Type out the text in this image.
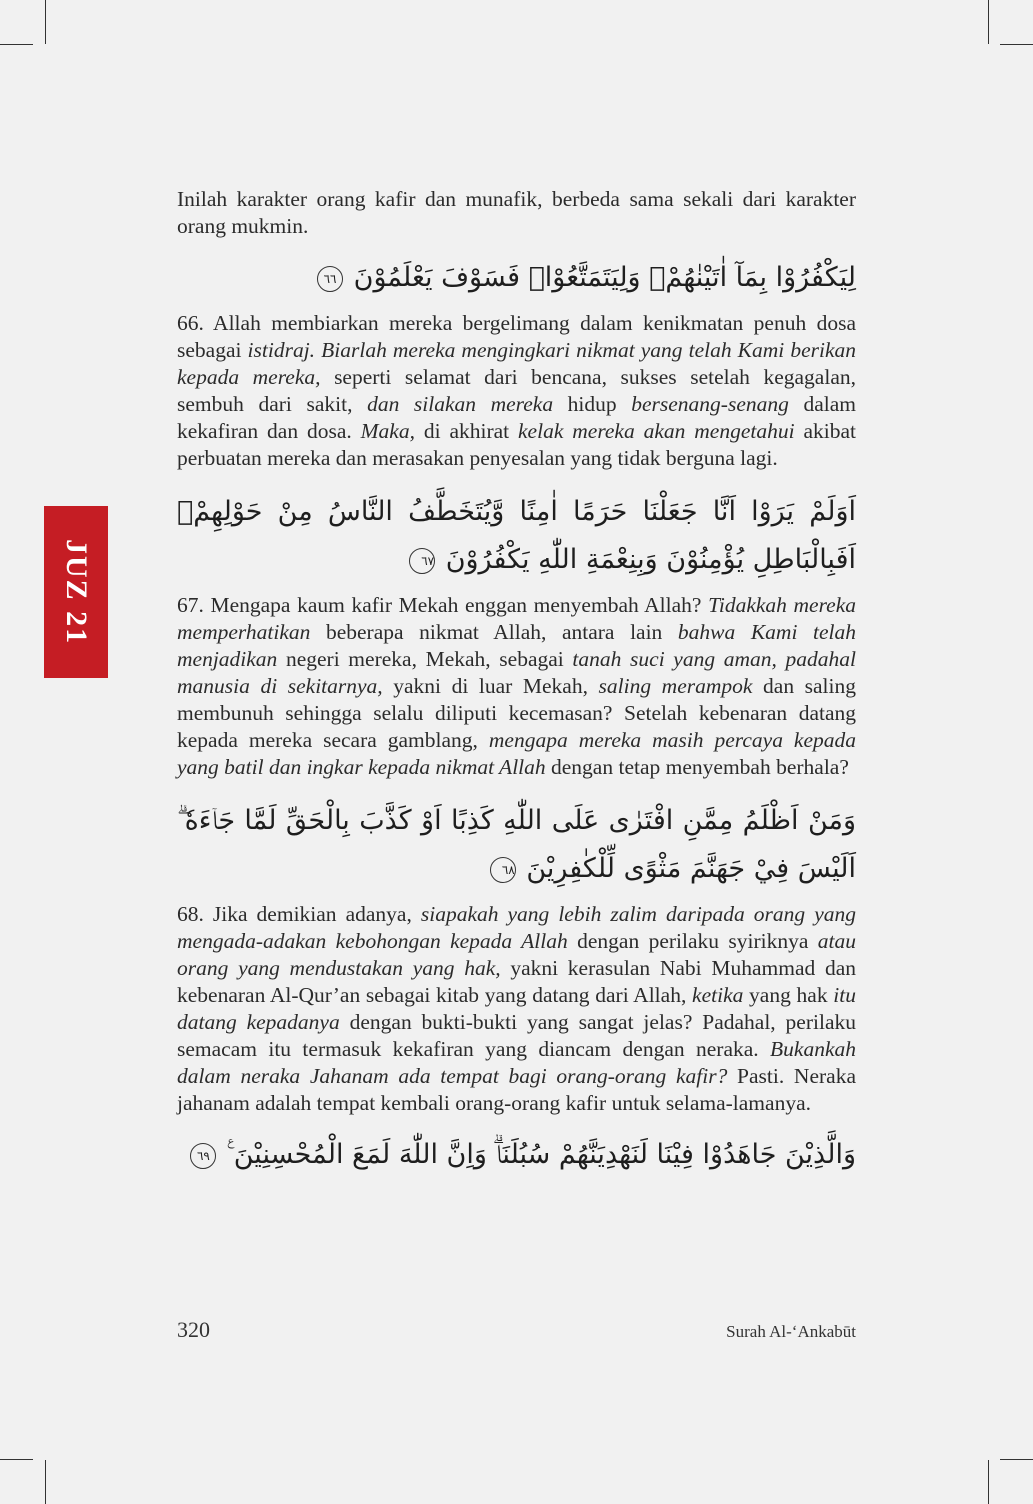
JUZ 21

Inilah karakter orang kafir dan munafik, berbeda sama sekali dari karakter orang mukmin.

لِيَكْفُرُوْا بِمَآ اٰتَيْنٰهُمْۙ وَلِيَتَمَتَّعُوْاۗ فَسَوْفَ يَعْلَمُوْنَ ٦٦

66. Allah membiarkan mereka bergelimang dalam kenikmatan penuh dosa sebagai istidraj. Biarlah mereka mengingkari nikmat yang telah Kami berikan kepada mereka, seperti selamat dari bencana, sukses setelah kegagalan, sembuh dari sakit, dan silakan mereka hidup bersenang-senang dalam kekafiran dan dosa. Maka, di akhirat kelak mereka akan mengetahui akibat perbuatan mereka dan merasakan penyesalan yang tidak berguna lagi.

اَوَلَمْ يَرَوْا اَنَّا جَعَلْنَا حَرَمًا اٰمِنًا وَّيُتَخَطَّفُ النَّاسُ مِنْ حَوْلِهِمْۗ اَفَبِالْبَاطِلِ يُؤْمِنُوْنَ وَبِنِعْمَةِ اللّٰهِ يَكْفُرُوْنَ ٦٧

67. Mengapa kaum kafir Mekah enggan menyembah Allah? Tidakkah mereka memperhatikan beberapa nikmat Allah, antara lain bahwa Kami telah menjadikan negeri mereka, Mekah, sebagai tanah suci yang aman, padahal manusia di sekitarnya, yakni di luar Mekah, saling merampok dan saling membunuh sehingga selalu diliputi kecemasan? Setelah kebenaran datang kepada mereka secara gamblang, mengapa mereka masih percaya kepada yang batil dan ingkar kepada nikmat Allah dengan tetap menyembah berhala?

وَمَنْ اَظْلَمُ مِمَّنِ افْتَرٰى عَلَى اللّٰهِ كَذِبًا اَوْ كَذَّبَ بِالْحَقِّ لَمَّا جَاۤءَهٗ ۗ اَلَيْسَ فِيْ جَهَنَّمَ مَثْوًى لِّلْكٰفِرِيْنَ ٦٨

68. Jika demikian adanya, siapakah yang lebih zalim daripada orang yang mengada-adakan kebohongan kepada Allah dengan perilaku syiriknya atau orang yang mendustakan yang hak, yakni kerasulan Nabi Muhammad dan kebenaran Al-Qur’an sebagai kitab yang datang dari Allah, ketika yang hak itu datang kepadanya dengan bukti-bukti yang sangat jelas? Padahal, perilaku semacam itu termasuk kekafiran yang diancam dengan neraka. Bukankah dalam neraka Jahanam ada tempat bagi orang-orang kafir? Pasti. Neraka jahanam adalah tempat kembali orang-orang kafir untuk selama-lamanya.

وَالَّذِيْنَ جَاهَدُوْا فِيْنَا لَنَهْدِيَنَّهُمْ سُبُلَنَاۗ وَاِنَّ اللّٰهَ لَمَعَ الْمُحْسِنِيْنَ ࣖ ٦٩

320	Surah Al-‘Ankabūt
